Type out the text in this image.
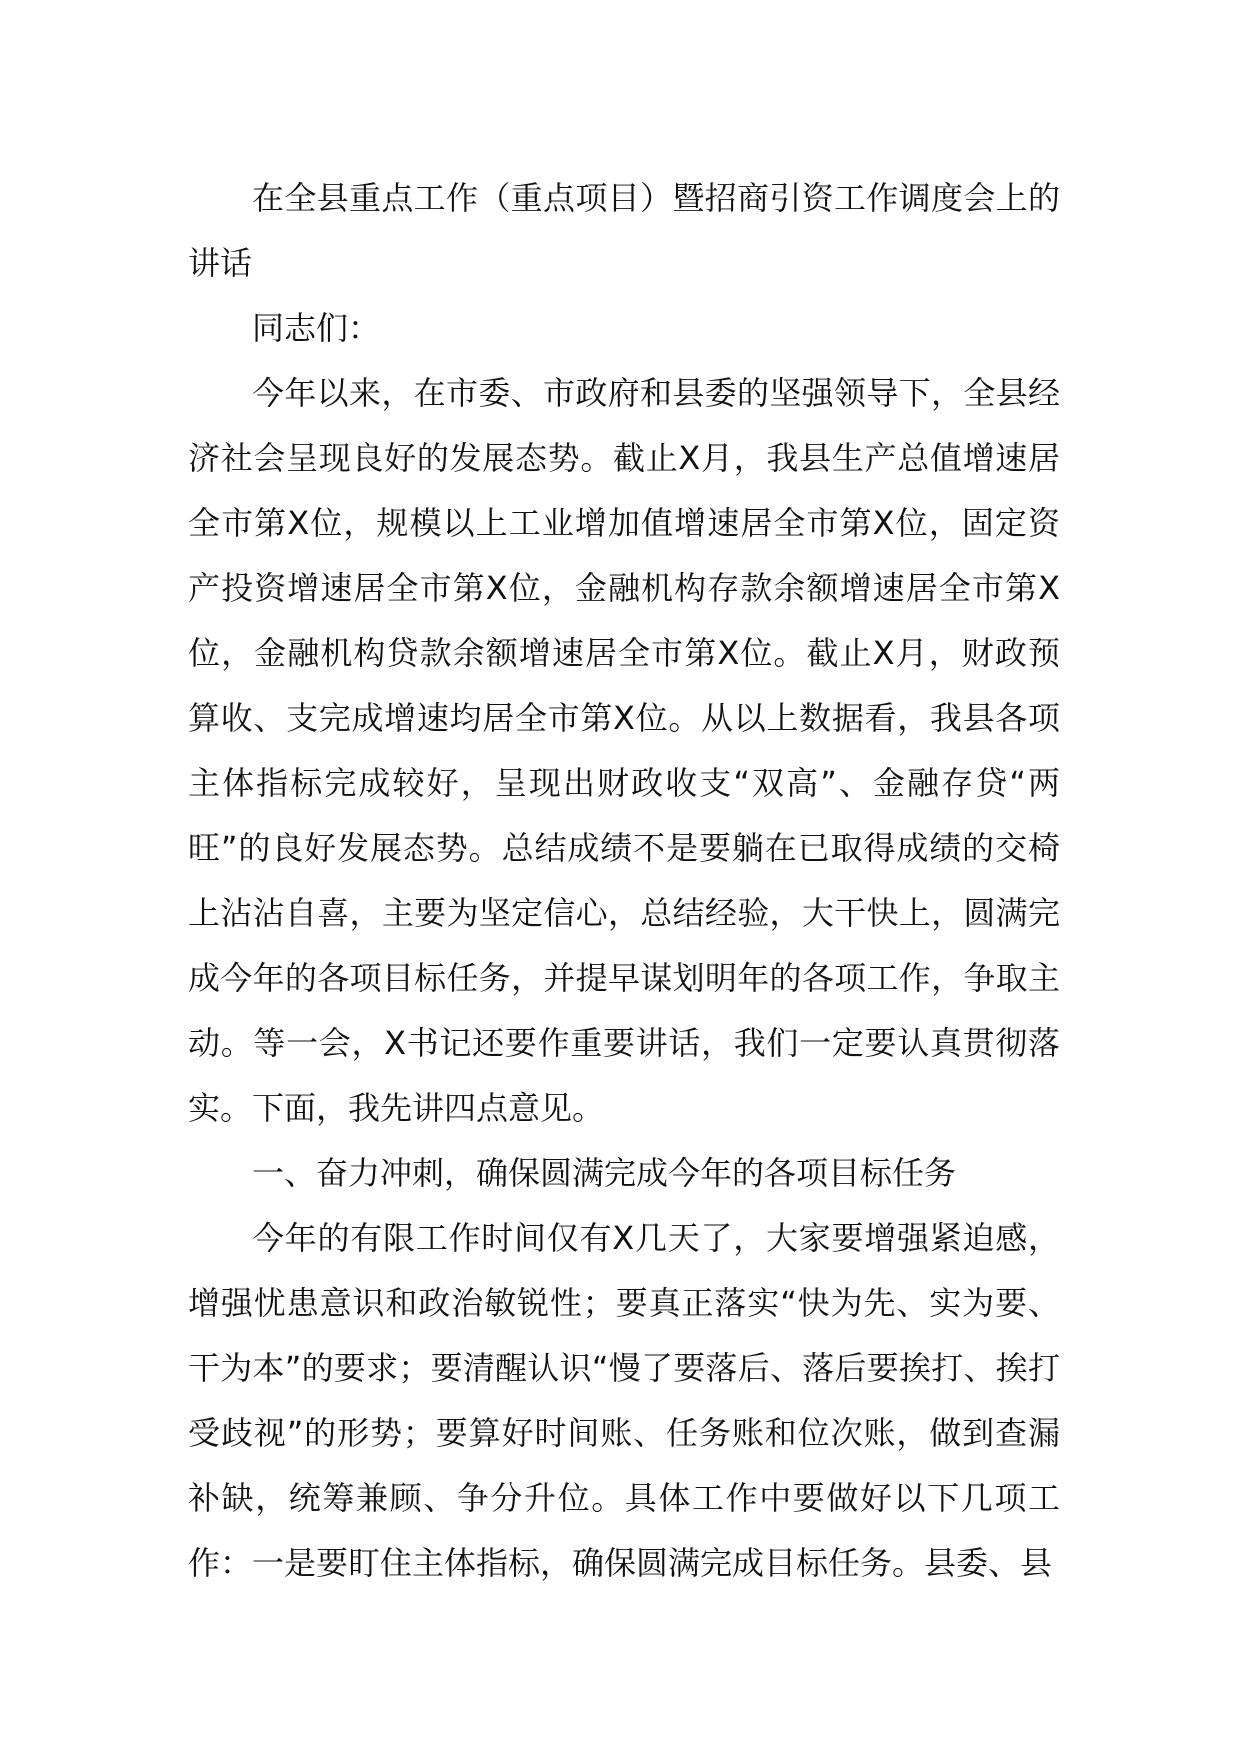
在全县重点工作（重点项目）暨招商引资工作调度会上的讲话

同志们：

今年以来，在市委、市政府和县委的坚强领导下，全县经济社会呈现良好的发展态势。截止X月，我县生产总值增速居全市第X位，规模以上工业增加值增速居全市第X位，固定资产投资增速居全市第X位，金融机构存款余额增速居全市第X位，金融机构贷款余额增速居全市第X位。截止X月，财政预算收、支完成增速均居全市第X位。从以上数据看，我县各项主体指标完成较好，呈现出财政收支“双高”、金融存贷“两旺”的良好发展态势。总结成绩不是要躺在已取得成绩的交椅上沾沾自喜，主要为坚定信心，总结经验，大干快上，圆满完成今年的各项目标任务，并提早谋划明年的各项工作，争取主动。等一会，X书记还要作重要讲话，我们一定要认真贯彻落实。下面，我先讲四点意见。

一、奋力冲刺，确保圆满完成今年的各项目标任务

今年的有限工作时间仅有X几天了，大家要增强紧迫感，增强忧患意识和政治敏锐性；要真正落实“快为先、实为要、干为本”的要求；要清醒认识“慢了要落后、落后要挨打、挨打受歧视”的形势；要算好时间账、任务账和位次账，做到查漏补缺，统筹兼顾、争分升位。具体工作中要做好以下几项工作：一是要盯住主体指标，确保圆满完成目标任务。县委、县
